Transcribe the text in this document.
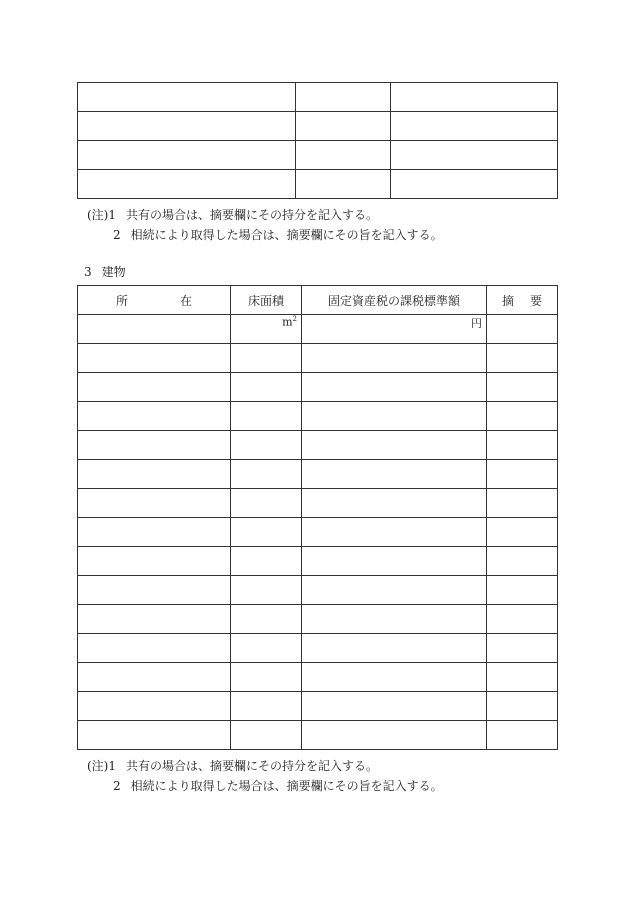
(注)1 共有の場合は、摘要欄にその持分を記入する。
2 相続により取得した場合は、摘要欄にその旨を記入する。
3 建物
所 在	床面積	固定資産税の課税標準額	摘 要
	$m^2$	円	

(注)1 共有の場合は、摘要欄にその持分を記入する。
2 相続により取得した場合は、摘要欄にその旨を記入する。
